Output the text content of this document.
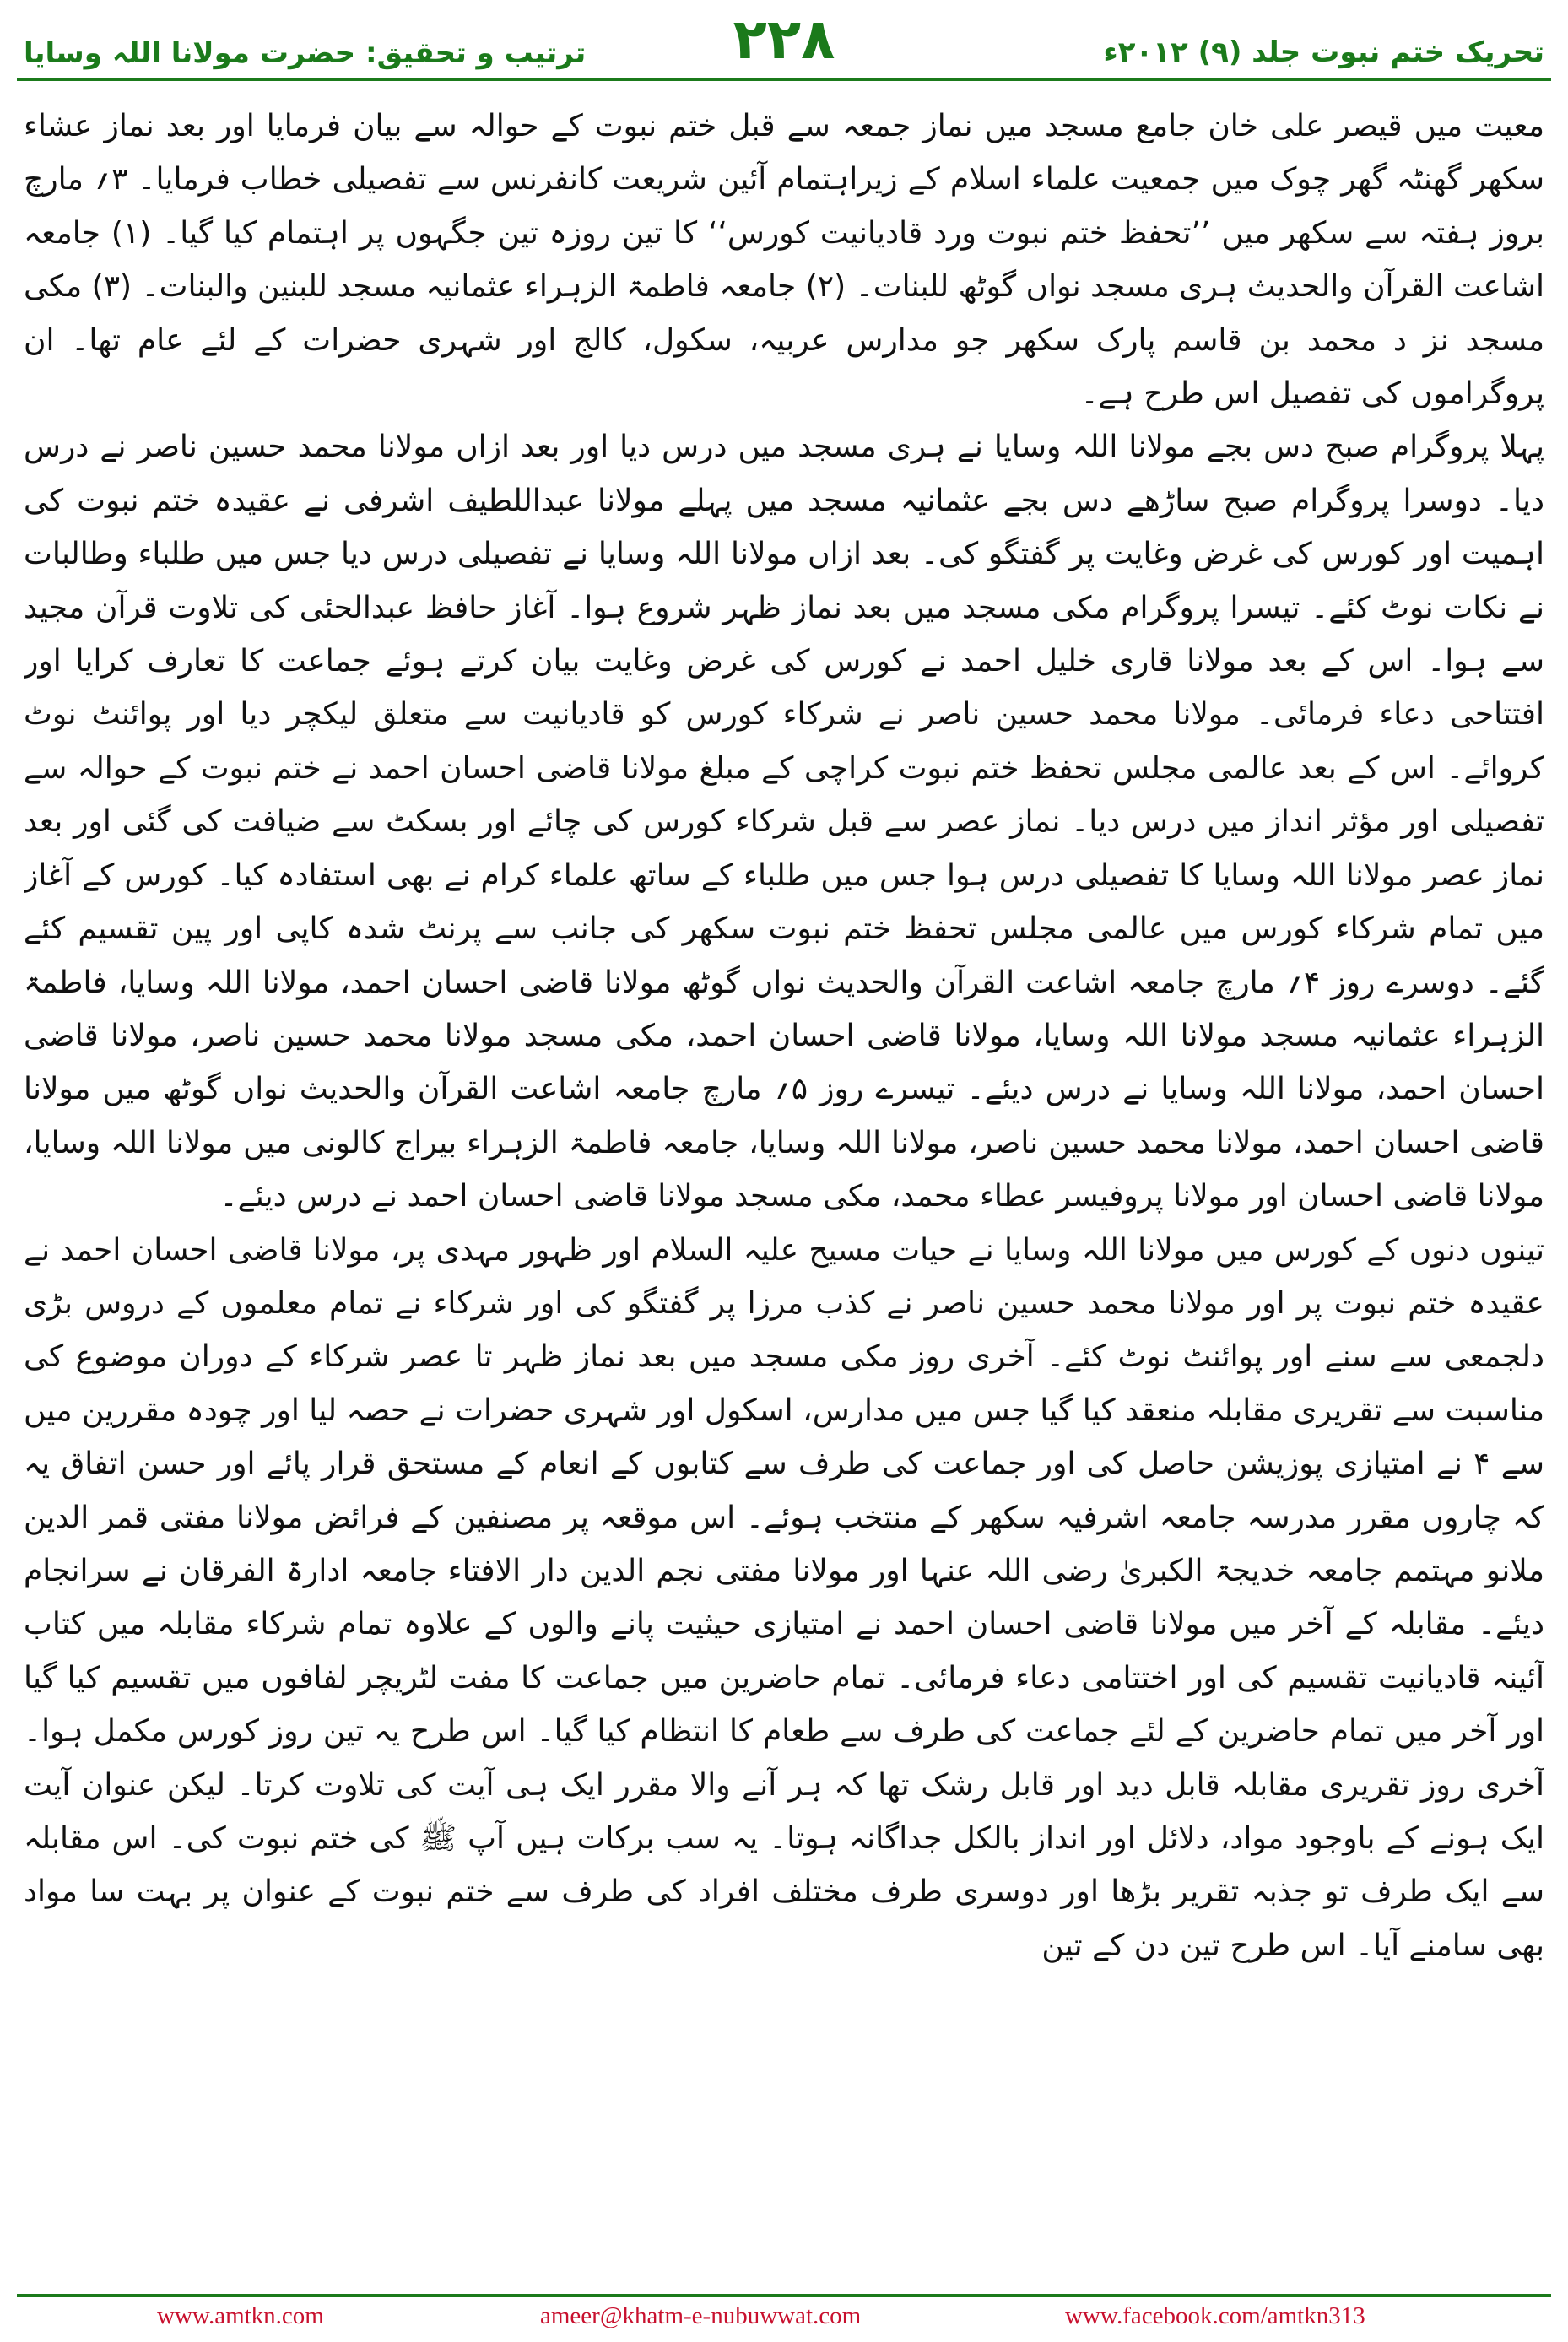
ترتیب و تحقیق: حضرت مولانا اللہ وسایا	۲۲۸	تحریک ختم نبوت جلد (۹) ۲۰۱۲ء

معیت میں قیصر علی خان جامع مسجد میں نماز جمعہ سے قبل ختم نبوت کے حوالہ سے بیان فرمایا اور بعد نماز عشاء سکھر گھنٹہ گھر چوک میں جمعیت علماء اسلام کے زیراہتمام آئین شریعت کانفرنس سے تفصیلی خطاب فرمایا۔ ۳؍ مارچ بروز ہفتہ سے سکھر میں ’’تحفظ ختم نبوت ورد قادیانیت کورس‘‘ کا تین روزہ تین جگہوں پر اہتمام کیا گیا۔ (۱) جامعہ اشاعت القرآن والحدیث ہری مسجد نواں گوٹھ للبنات۔ (۲) جامعہ فاطمۃ الزہراء عثمانیہ مسجد للبنین والبنات۔ (۳) مکی مسجد نز د محمد بن قاسم پارک سکھر جو مدارس عربیہ، سکول، کالج اور شہری حضرات کے لئے عام تھا۔ ان پروگراموں کی تفصیل اس طرح ہے۔

پہلا پروگرام صبح دس بجے مولانا اللہ وسایا نے ہری مسجد میں درس دیا اور بعد ازاں مولانا محمد حسین ناصر نے درس دیا۔ دوسرا پروگرام صبح ساڑھے دس بجے عثمانیہ مسجد میں پہلے مولانا عبداللطیف اشرفی نے عقیدہ ختم نبوت کی اہمیت اور کورس کی غرض وغایت پر گفتگو کی۔ بعد ازاں مولانا اللہ وسایا نے تفصیلی درس دیا جس میں طلباء وطالبات نے نکات نوٹ کئے۔ تیسرا پروگرام مکی مسجد میں بعد نماز ظہر شروع ہوا۔ آغاز حافظ عبدالحئی کی تلاوت قرآن مجید سے ہوا۔ اس کے بعد مولانا قاری خلیل احمد نے کورس کی غرض وغایت بیان کرتے ہوئے جماعت کا تعارف کرایا اور افتتاحی دعاء فرمائی۔ مولانا محمد حسین ناصر نے شرکاء کورس کو قادیانیت سے متعلق لیکچر دیا اور پوائنٹ نوٹ کروائے۔ اس کے بعد عالمی مجلس تحفظ ختم نبوت کراچی کے مبلغ مولانا قاضی احسان احمد نے ختم نبوت کے حوالہ سے تفصیلی اور مؤثر انداز میں درس دیا۔ نماز عصر سے قبل شرکاء کورس کی چائے اور بسکٹ سے ضیافت کی گئی اور بعد نماز عصر مولانا اللہ وسایا کا تفصیلی درس ہوا جس میں طلباء کے ساتھ علماء کرام نے بھی استفادہ کیا۔ کورس کے آغاز میں تمام شرکاء کورس میں عالمی مجلس تحفظ ختم نبوت سکھر کی جانب سے پرنٹ شدہ کاپی اور پین تقسیم کئے گئے۔ دوسرے روز ۴؍ مارچ جامعہ اشاعت القرآن والحدیث نواں گوٹھ مولانا قاضی احسان احمد، مولانا اللہ وسایا، فاطمۃ الزہراء عثمانیہ مسجد مولانا اللہ وسایا، مولانا قاضی احسان احمد، مکی مسجد مولانا محمد حسین ناصر، مولانا قاضی احسان احمد، مولانا اللہ وسایا نے درس دیئے۔ تیسرے روز ۵؍ مارچ جامعہ اشاعت القرآن والحدیث نواں گوٹھ میں مولانا قاضی احسان احمد، مولانا محمد حسین ناصر، مولانا اللہ وسایا، جامعہ فاطمۃ الزہراء بیراج کالونی میں مولانا اللہ وسایا، مولانا قاضی احسان اور مولانا پروفیسر عطاء محمد، مکی مسجد مولانا قاضی احسان احمد نے درس دیئے۔

تینوں دنوں کے کورس میں مولانا اللہ وسایا نے حیات مسیح علیہ السلام اور ظہور مہدی پر، مولانا قاضی احسان احمد نے عقیدہ ختم نبوت پر اور مولانا محمد حسین ناصر نے کذب مرزا پر گفتگو کی اور شرکاء نے تمام معلموں کے دروس بڑی دلجمعی سے سنے اور پوائنٹ نوٹ کئے۔ آخری روز مکی مسجد میں بعد نماز ظہر تا عصر شرکاء کے دوران موضوع کی مناسبت سے تقریری مقابلہ منعقد کیا گیا جس میں مدارس، اسکول اور شہری حضرات نے حصہ لیا اور چودہ مقررین میں سے ۴ نے امتیازی پوزیشن حاصل کی اور جماعت کی طرف سے کتابوں کے انعام کے مستحق قرار پائے اور حسن اتفاق یہ کہ چاروں مقرر مدرسہ جامعہ اشرفیہ سکھر کے منتخب ہوئے۔ اس موقعہ پر مصنفین کے فرائض مولانا مفتی قمر الدین ملانو مہتمم جامعہ خدیجۃ الکبریٰ رضی اللہ عنہا اور مولانا مفتی نجم الدین دار الافتاء جامعہ ادارۃ الفرقان نے سرانجام دیئے۔ مقابلہ کے آخر میں مولانا قاضی احسان احمد نے امتیازی حیثیت پانے والوں کے علاوہ تمام شرکاء مقابلہ میں کتاب آئینہ قادیانیت تقسیم کی اور اختتامی دعاء فرمائی۔ تمام حاضرین میں جماعت کا مفت لٹریچر لفافوں میں تقسیم کیا گیا اور آخر میں تمام حاضرین کے لئے جماعت کی طرف سے طعام کا انتظام کیا گیا۔ اس طرح یہ تین روز کورس مکمل ہوا۔ آخری روز تقریری مقابلہ قابل دید اور قابل رشک تھا کہ ہر آنے والا مقرر ایک ہی آیت کی تلاوت کرتا۔ لیکن عنوان آیت ایک ہونے کے باوجود مواد، دلائل اور انداز بالکل جداگانہ ہوتا۔ یہ سب برکات ہیں آپ ﷺ کی ختم نبوت کی۔ اس مقابلہ سے ایک طرف تو جذبہ تقریر بڑھا اور دوسری طرف مختلف افراد کی طرف سے ختم نبوت کے عنوان پر بہت سا مواد بھی سامنے آیا۔ اس طرح تین دن کے تین

www.amtkn.com	ameer@khatm-e-nubuwwat.com	www.facebook.com/amtkn313
